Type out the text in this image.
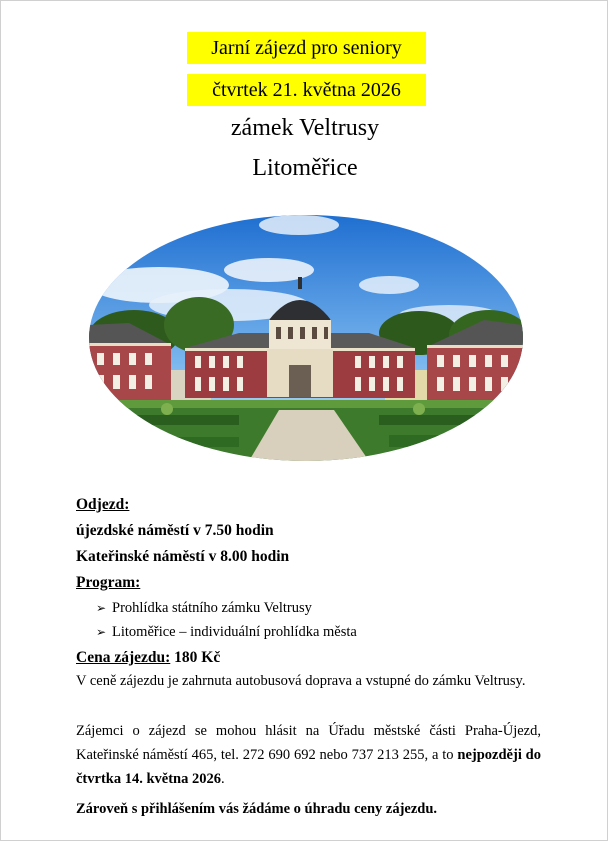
Jarní zájezd pro seniory
čtvrtek 21. května 2026
zámek Veltrusy
Litoměřice
Odjezd:
újezdské náměstí v 7.50 hodin
Kateřinské náměstí v 8.00 hodin
Program:
➢ Prohlídka státního zámku Veltrusy
➢ Litoměřice – individuální prohlídka města
Cena zájezdu: 180 Kč
V ceně zájezdu je zahrnuta autobusová doprava a vstupné do zámku Veltrusy.
Zájemci o zájezd se mohou hlásit na Úřadu městské části Praha-Újezd, Kateřinské náměstí 465, tel. 272 690 692 nebo 737 213 255, a to nejpozději do čtvrtka 14. května 2026.
Zároveň s přihlášením vás žádáme o úhradu ceny zájezdu.
